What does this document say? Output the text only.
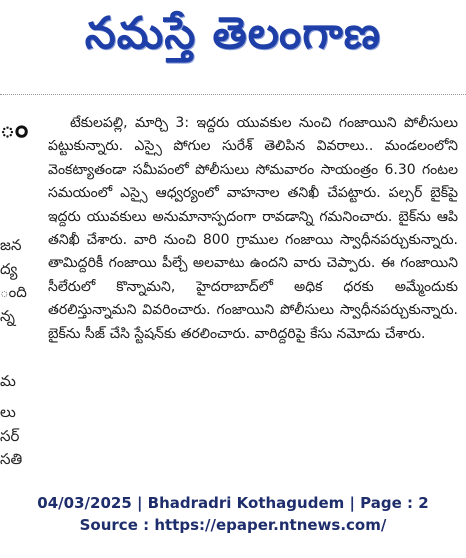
నమస్తే తెలంగాణ
ం
జన
ద్య
ంది
న్న
మ
లు
సర్
సతి

టేకులపల్లి, మార్చి 3: ఇద్దరు యువకుల నుంచి గంజాయిని పోలీసులు పట్టుకున్నారు. ఎస్సై పోగుల సురేశ్ తెలిపిన వివరాలు.. మండలంలోని వెంకట్యాతండా సమీపంలో పోలీసులు సోమవారం సాయంత్రం 6.30 గంటల సమయంలో ఎస్సై ఆధ్వర్యంలో వాహనాల తనిఖీ చేపట్టారు. పల్సర్ బైక్‌పై ఇద్దరు యువకులు అనుమానాస్పదంగా రావడాన్ని గమనించారు. బైక్‌ను ఆపి తనిఖీ చేశారు. వారి నుంచి 800 గ్రాముల గంజాయి స్వాధీనపర్చుకున్నారు. తామిద్దరికీ గంజాయి పీల్చే అలవాటు ఉందని వారు చెప్పారు. ఈ గంజాయిని సీలేరులో కొన్నామని, హైదరాబాద్‌లో అధిక ధరకు అమ్మేందుకు తరలిస్తున్నామని వివరించారు. గంజాయిని పోలీసులు స్వాధీనపర్చుకున్నారు. బైక్‌ను సీజ్ చేసి స్టేషన్‌కు తరలించారు. వారిద్దరిపై కేసు నమోదు చేశారు.

04/03/2025 | Bhadradri Kothagudem | Page : 2
Source : https://epaper.ntnews.com/
